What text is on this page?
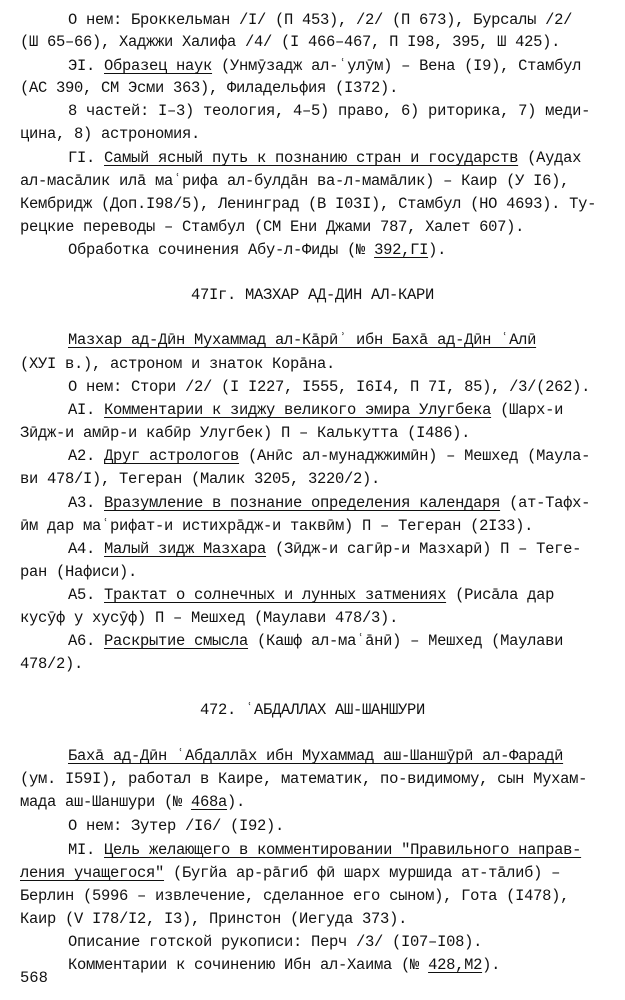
О нем: Броккельман /I/ (П 453), /2/ (П 673), Бурсалы /2/
(Ш 65–66), Хаджжи Халифа /4/ (I 466–467, П I98, 395, Ш 425).
ЭI. Образец наук (Унмӯзадж ал-ʿулӯм) – Вена (I9), Стамбул
(АС 390, СМ Эсми 363), Филадельфия (I372).
8 частей: I–3) теология, 4–5) право, 6) риторика, 7) меди-
цина, 8) астрономия.
ГI. Самый ясный путь к познанию стран и государств (Аудах
ал-масāлик илā маʿрифа ал-булдāн ва-л-мамāлик) – Каир (У I6),
Кембридж (Доп.I98/5), Ленинград (В I03I), Стамбул (НО 4693). Ту-
рецкие переводы – Стамбул (СМ Ени Джами 787, Халет 607).
Обработка сочинения Абу-л-Фиды (№ 392,ГI).
47Iг. МАЗХАР АД-ДИН АЛ-КАРИ
Мазхар ад-Дӣн Мухаммад ал-Кāрӣʾ ибн Бахā ад-Дӣн ʿАлӣ
(XУI в.), астроном и знаток Корāна.
О нем: Стори /2/ (I I227, I555, I6I4, П 7I, 85), /3/(262).
AI. Комментарии к зиджу великого эмира Улугбека (Шарх-и
Зӣдж-и амӣр-и кабӣр Улугбек) П – Калькутта (I486).
А2. Друг астрологов (Анӣс ал-мунаджжимӣн) – Мешхед (Маула-
ви 478/I), Тегеран (Малик 3205, 3220/2).
А3. Вразумление в познание определения календаря (ат-Тафх-
ӣм дар маʿрифат-и истихрāдж-и таквӣм) П – Тегеран (2I33).
А4. Малый зидж Мазхара (Зӣдж-и сагӣр-и Мазхарӣ) П – Теге-
ран (Нафиси).
А5. Трактат о солнечных и лунных затмениях (Рисāла дар
кусӯф у хусӯф) П – Мешхед (Маулави 478/3).
А6. Раскрытие смысла (Кашф ал-маʿāнӣ) – Мешхед (Маулави
478/2).
472. ʿАБДАЛЛАХ АШ-ШАНШУРИ
Бахā ад-Дӣн ʿАбдаллāх ибн Мухаммад аш-Шаншӯрӣ ал-Фарадӣ
(ум. I59I), работал в Каире, математик, по-видимому, сын Мухам-
мада аш-Шаншури (№ 468а).
О нем: Зутер /I6/ (I92).
МI. Цель желающего в комментировании "Правильного направ-
ления учащегося" (Бугйа ар-рāгиб фӣ шарх муршида ат-тāлиб) –
Берлин (5996 – извлечение, сделанное его сыном), Гота (I478),
Каир (V I78/I2, I3), Принстон (Иегуда 373).
Описание готской рукописи: Перч /3/ (I07–I08).
Комментарии к сочинению Ибн ал-Хаима (№ 428,М2).
568
